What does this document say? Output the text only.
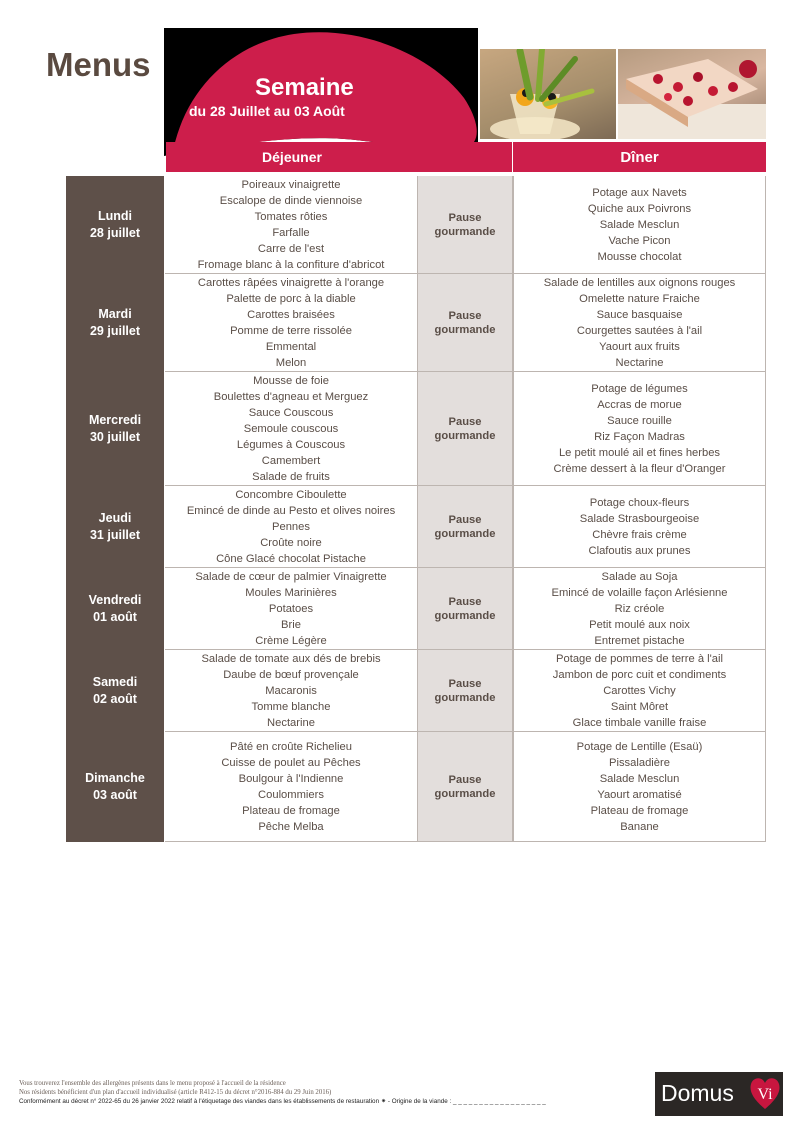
Menus
Semaine
du 28 Juillet au 03 Août
Déjeuner	Dîner
Lundi
28 juillet
Poireaux vinaigrette
Escalope de dinde viennoise
Tomates rôties
Farfalle
Carre de l'est
Fromage blanc à la confiture d'abricot
Pause
gourmande
Potage aux Navets
Quiche aux Poivrons
Salade Mesclun
Vache Picon
Mousse chocolat
Mardi
29 juillet
Carottes râpées vinaigrette à l'orange
Palette de porc à la diable
Carottes braisées
Pomme de terre rissolée
Emmental
Melon
Pause
gourmande
Salade de lentilles aux oignons rouges
Omelette nature Fraiche
Sauce basquaise
Courgettes sautées à l'ail
Yaourt aux fruits
Nectarine
Mercredi
30 juillet
Mousse de foie
Boulettes d'agneau et Merguez
Sauce Couscous
Semoule couscous
Légumes à Couscous
Camembert
Salade de fruits
Pause
gourmande
Potage de légumes
Accras de morue
Sauce rouille
Riz Façon Madras
Le petit moulé ail et fines herbes
Crème dessert à la fleur d'Oranger
Jeudi
31 juillet
Concombre Ciboulette
Emincé de dinde au Pesto et olives noires
Pennes
Croûte noire
Cône Glacé chocolat Pistache
Pause
gourmande
Potage choux-fleurs
Salade Strasbourgeoise
Chèvre frais crème
Clafoutis aux prunes
Vendredi
01 août
Salade de cœur de palmier Vinaigrette
Moules Marinières
Potatoes
Brie
Crème Légère
Pause
gourmande
Salade au Soja
Emincé de volaille façon Arlésienne
Riz créole
Petit moulé aux noix
Entremet pistache
Samedi
02 août
Salade de tomate aux dés de brebis
Daube de bœuf provençale
Macaronis
Tomme blanche
Nectarine
Pause
gourmande
Potage de pommes de terre à l'ail
Jambon de porc cuit et condiments
Carottes Vichy
Saint Môret
Glace timbale vanille fraise
Dimanche
03 août
Pâté en croûte Richelieu
Cuisse de poulet au Pêches
Boulgour à l'Indienne
Coulommiers
Plateau de fromage
Pêche Melba
Pause
gourmande
Potage de Lentille (Esaü)
Pissaladière
Salade Mesclun
Yaourt aromatisé
Plateau de fromage
Banane
Vous trouverez l'ensemble des allergènes présents dans le menu proposé à l'accueil de la résidence
Nos résidents bénéficient d'un plan d'accueil individualisé (article R412-15 du décret n°2016-884 du 29 Juin 2016)
Conformément au décret n° 2022-65 du 26 janvier 2022 relatif à l'étiquetage des viandes dans les établissements de restauration ⁕ - Origine de la viande : _ _ _ _ _ _ _ _ _ _ _ _ _ _ _ _ _ _	Domus Vi
